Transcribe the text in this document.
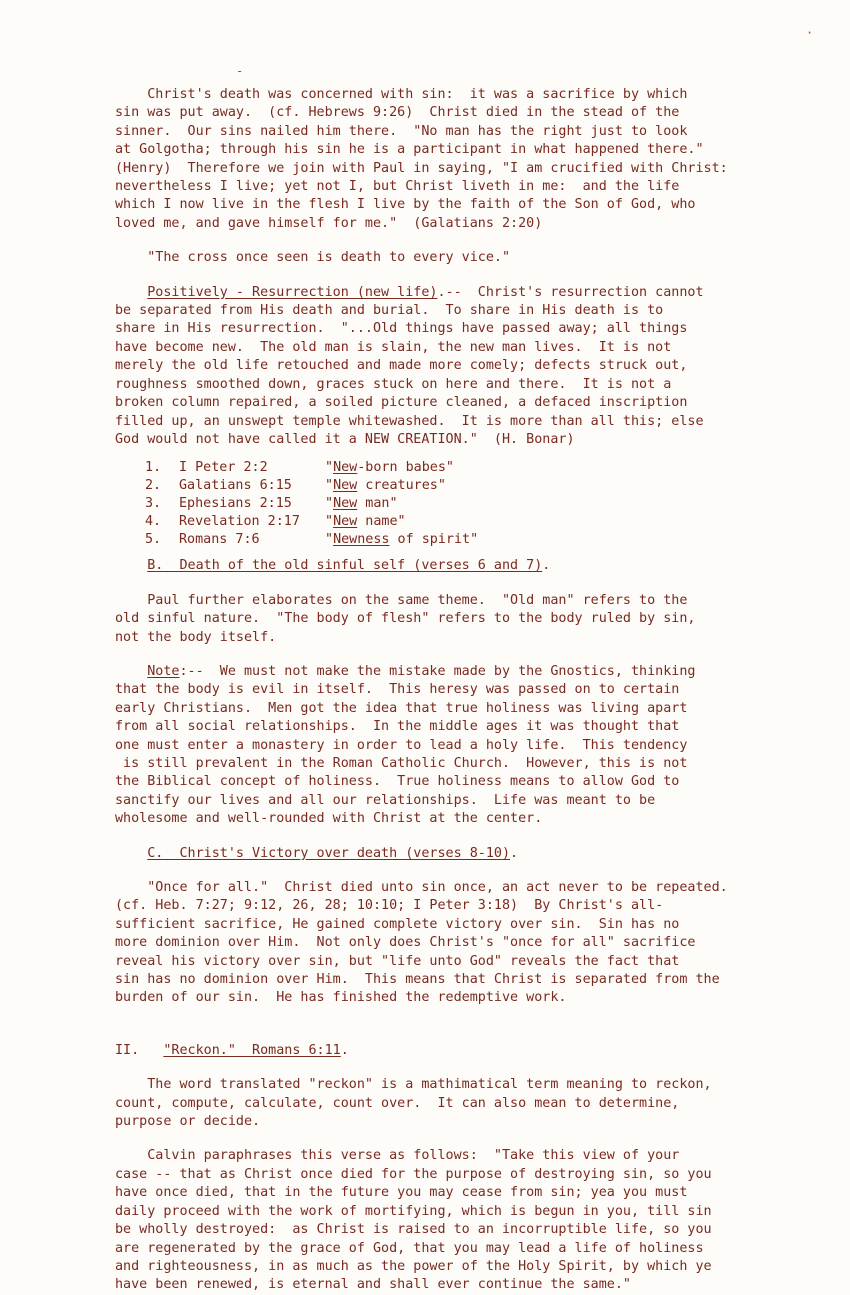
-
·
Christ's death was concerned with sin:  it was a sacrifice by which
sin was put away.  (cf. Hebrews 9:26)  Christ died in the stead of the
sinner.  Our sins nailed him there.  "No man has the right just to look
at Golgotha; through his sin he is a participant in what happened there."
(Henry)  Therefore we join with Paul in saying, "I am crucified with Christ:
nevertheless I live; yet not I, but Christ liveth in me:  and the life
which I now live in the flesh I live by the faith of the Son of God, who
loved me, and gave himself for me."  (Galatians 2:20)
"The cross once seen is death to every vice."
Positively - Resurrection (new life).--  Christ's resurrection cannot
be separated from His death and burial.  To share in His death is to
share in His resurrection.  "...Old things have passed away; all things
have become new.  The old man is slain, the new man lives.  It is not
merely the old life retouched and made more comely; defects struck out,
roughness smoothed down, graces stuck on here and there.  It is not a
broken column repaired, a soiled picture cleaned, a defaced inscription
filled up, an unswept temple whitewashed.  It is more than all this; else
God would not have called it a NEW CREATION."  (H. Bonar)
1.	I Peter 2:2	" New -born babes"
2.	Galatians 6:15	" New creatures"
3.	Ephesians 2:15	" New man"
4.	Revelation 2:17	" New name"
5.	Romans 7:6	" Newness of spirit"
B.  Death of the old sinful self (verses 6 and 7).
Paul further elaborates on the same theme.  "Old man" refers to the
old sinful nature.  "The body of flesh" refers to the body ruled by sin,
not the body itself.
Note:--  We must not make the mistake made by the Gnostics, thinking
that the body is evil in itself.  This heresy was passed on to certain
early Christians.  Men got the idea that true holiness was living apart
from all social relationships.  In the middle ages it was thought that
one must enter a monastery in order to lead a holy life.  This tendency
is still prevalent in the Roman Catholic Church.  However, this is not
the Biblical concept of holiness.  True holiness means to allow God to
sanctify our lives and all our relationships.  Life was meant to be
wholesome and well-rounded with Christ at the center.
C.  Christ's Victory over death (verses 8-10).
"Once for all."  Christ died unto sin once, an act never to be repeated.
(cf. Heb. 7:27; 9:12, 26, 28; 10:10; I Peter 3:18)  By Christ's all-
sufficient sacrifice, He gained complete victory over sin.  Sin has no
more dominion over Him.  Not only does Christ's "once for all" sacrifice
reveal his victory over sin, but "life unto God" reveals the fact that
sin has no dominion over Him.  This means that Christ is separated from the
burden of our sin.  He has finished the redemptive work.
II. "Reckon."  Romans 6:11.
The word translated "reckon" is a mathimatical term meaning to reckon,
count, compute, calculate, count over.  It can also mean to determine,
purpose or decide.
Calvin paraphrases this verse as follows:  "Take this view of your
case -- that as Christ once died for the purpose of destroying sin, so you
have once died, that in the future you may cease from sin; yea you must
daily proceed with the work of mortifying, which is begun in you, till sin
be wholly destroyed:  as Christ is raised to an incorruptible life, so you
are regenerated by the grace of God, that you may lead a life of holiness
and righteousness, in as much as the power of the Holy Spirit, by which ye
have been renewed, is eternal and shall ever continue the same."
